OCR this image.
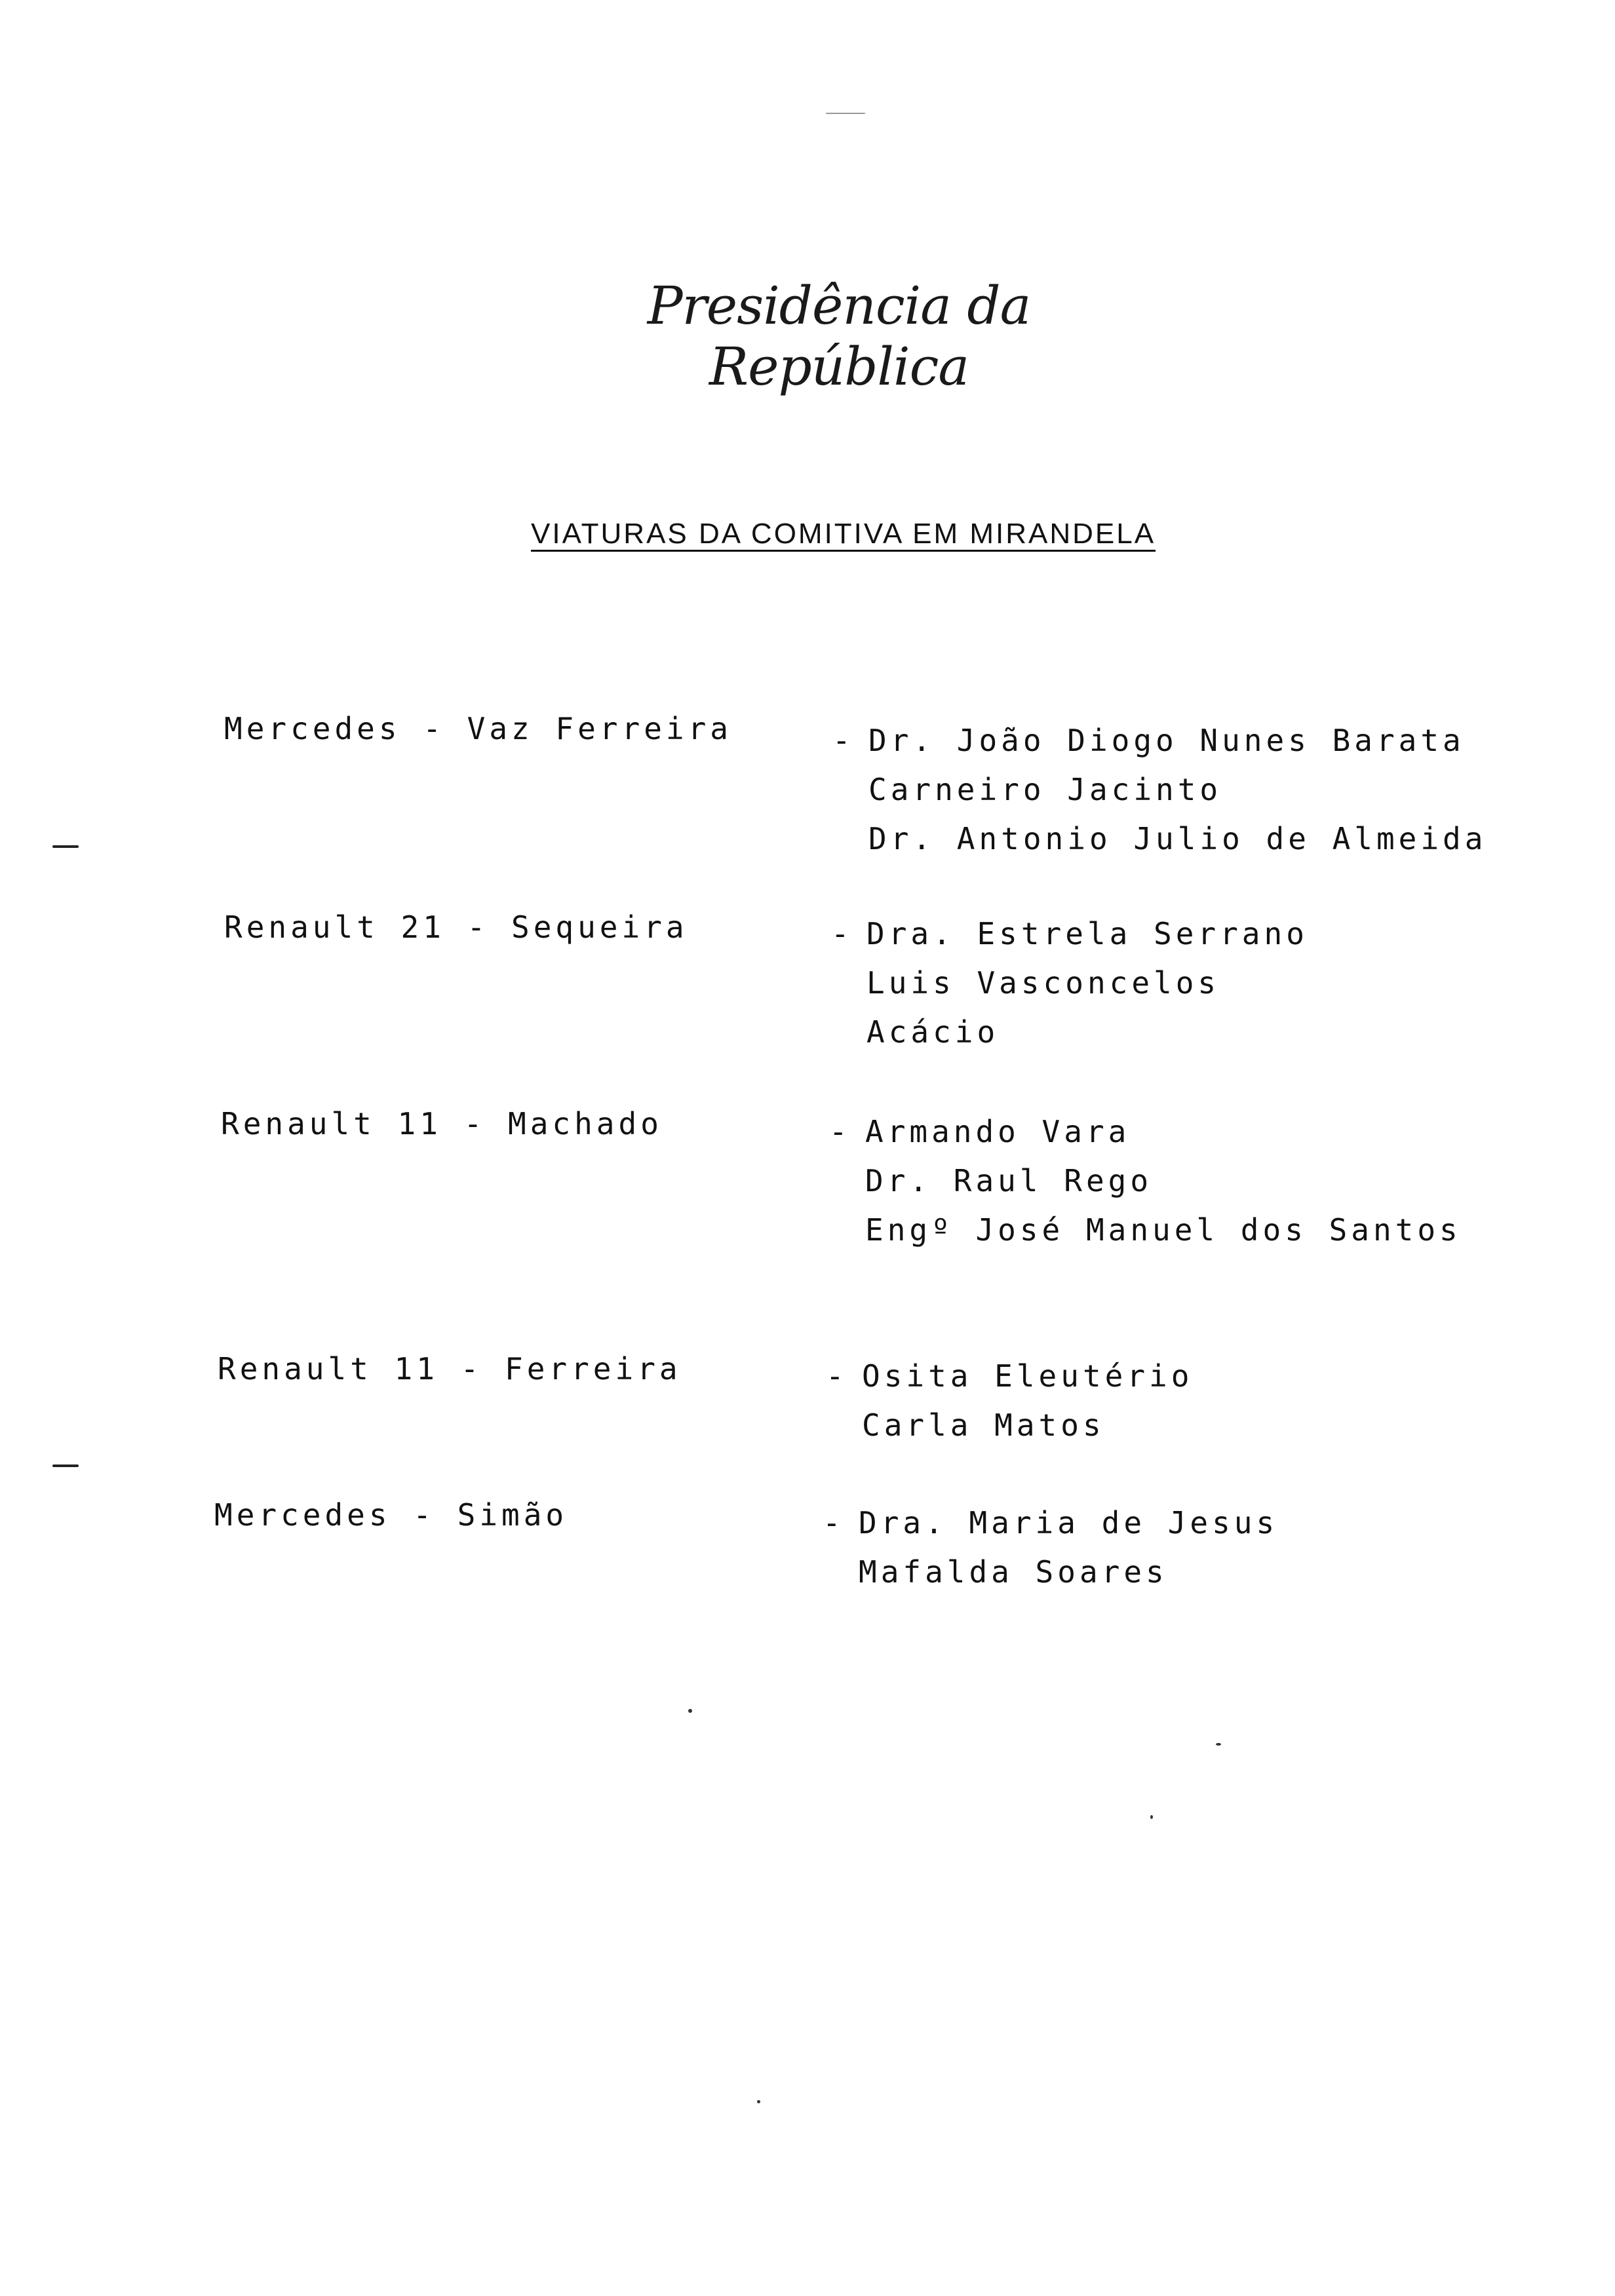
Presidência da República
VIATURAS DA COMITIVA EM MIRANDELA
Mercedes - Vaz Ferreira	- Dr. João Diogo Nunes Barata
Carneiro Jacinto
Dr. Antonio Julio de Almeida
Renault 21 - Sequeira	- Dra. Estrela Serrano
Luis Vasconcelos
Acácio
Renault 11 - Machado	- Armando Vara
Dr. Raul Rego
Engº José Manuel dos Santos
Renault 11 - Ferreira	- Osita Eleutério
Carla Matos
Mercedes - Simão	- Dra. Maria de Jesus
Mafalda Soares
